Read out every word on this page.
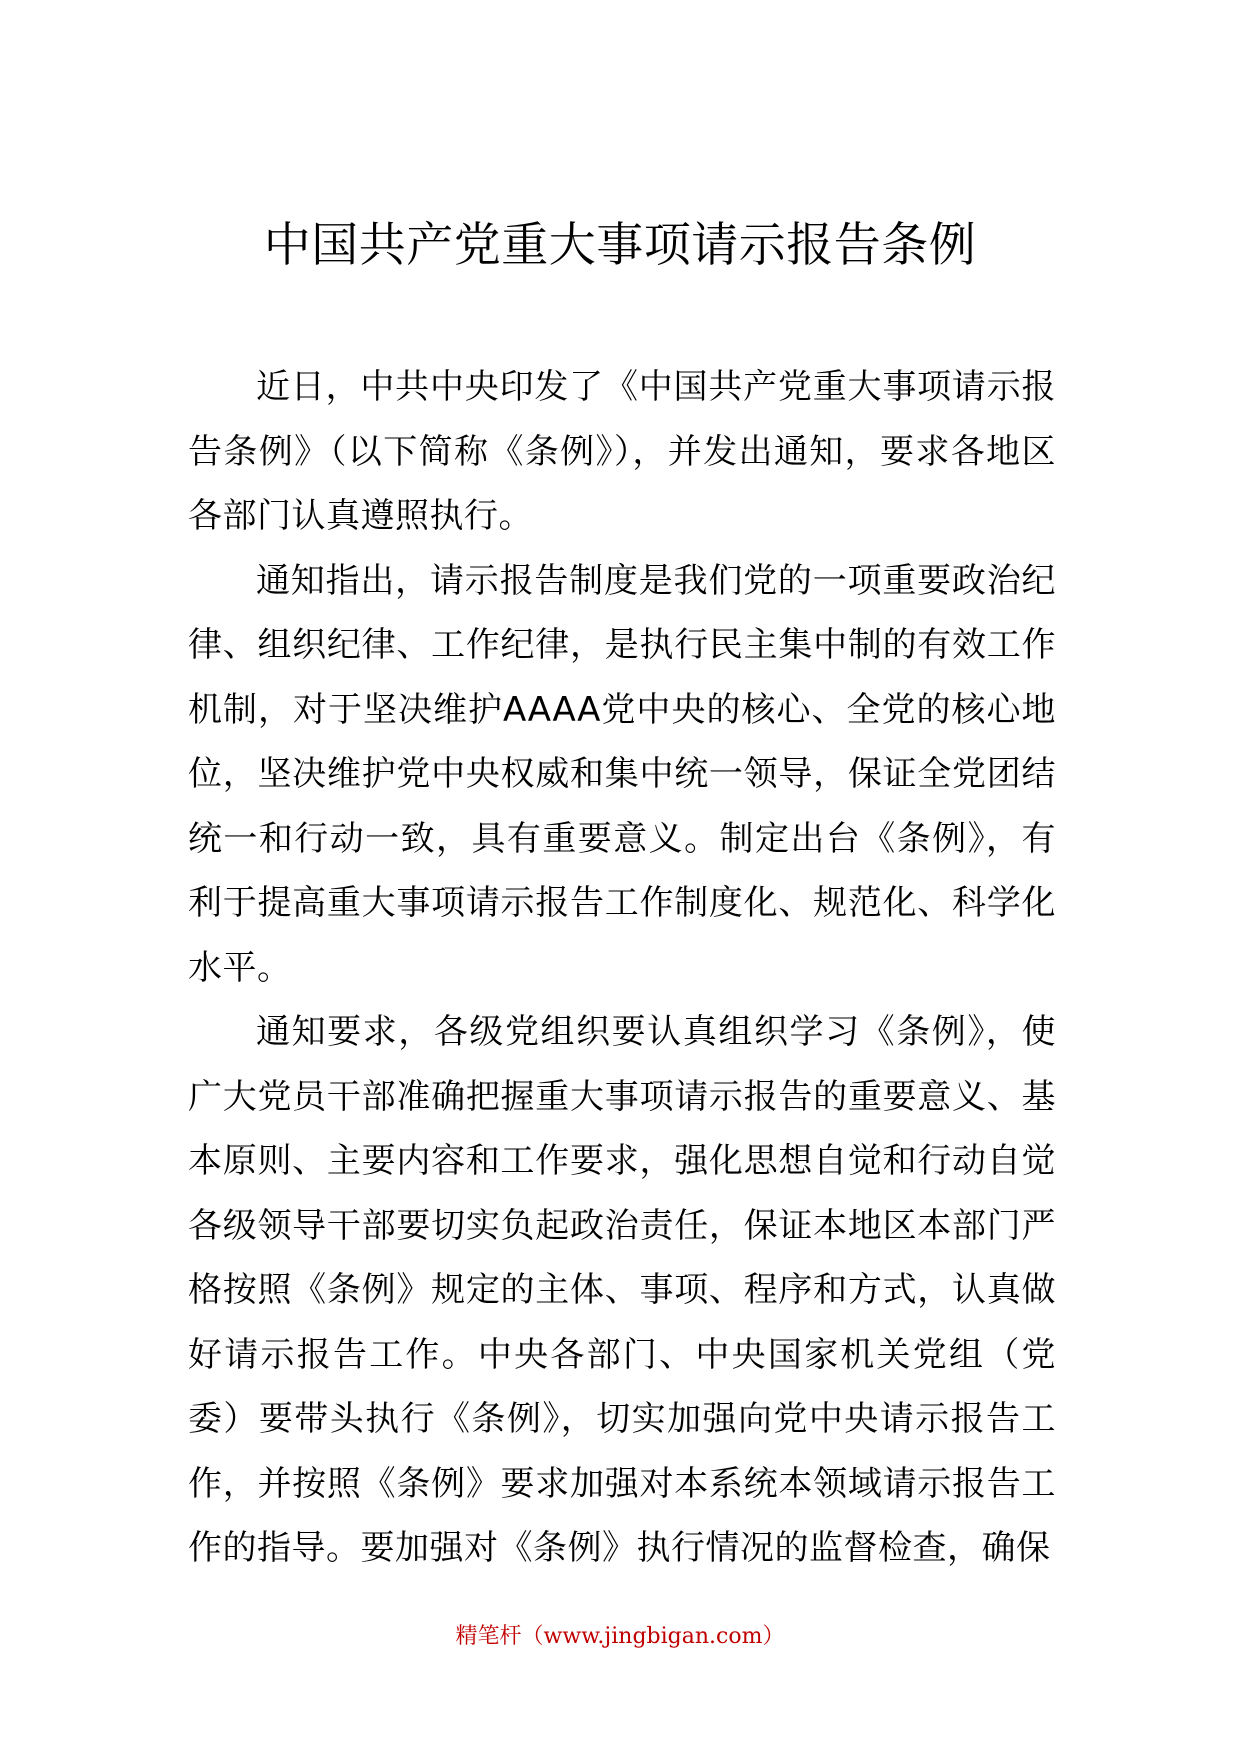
中国共产党重大事项请示报告条例

近日，中共中央印发了《中国共产党重大事项请示报告条例》（以下简称《条例》），并发出通知，要求各地区各部门认真遵照执行。

通知指出，请示报告制度是我们党的一项重要政治纪律、组织纪律、工作纪律，是执行民主集中制的有效工作机制，对于坚决维护AAAA党中央的核心、全党的核心地位，坚决维护党中央权威和集中统一领导，保证全党团结统一和行动一致，具有重要意义。制定出台《条例》，有利于提高重大事项请示报告工作制度化、规范化、科学化水平。

通知要求，各级党组织要认真组织学习《条例》，使广大党员干部准确把握重大事项请示报告的重要意义、基本原则、主要内容和工作要求，强化思想自觉和行动自觉各级领导干部要切实负起政治责任，保证本地区本部门严格按照《条例》规定的主体、事项、程序和方式，认真做好请示报告工作。中央各部门、中央国家机关党组（党委）要带头执行《条例》，切实加强向党中央请示报告工作，并按照《条例》要求加强对本系统本领域请示报告工作的指导。要加强对《条例》执行情况的监督检查，确保

精笔杆（www.jingbigan.com）
